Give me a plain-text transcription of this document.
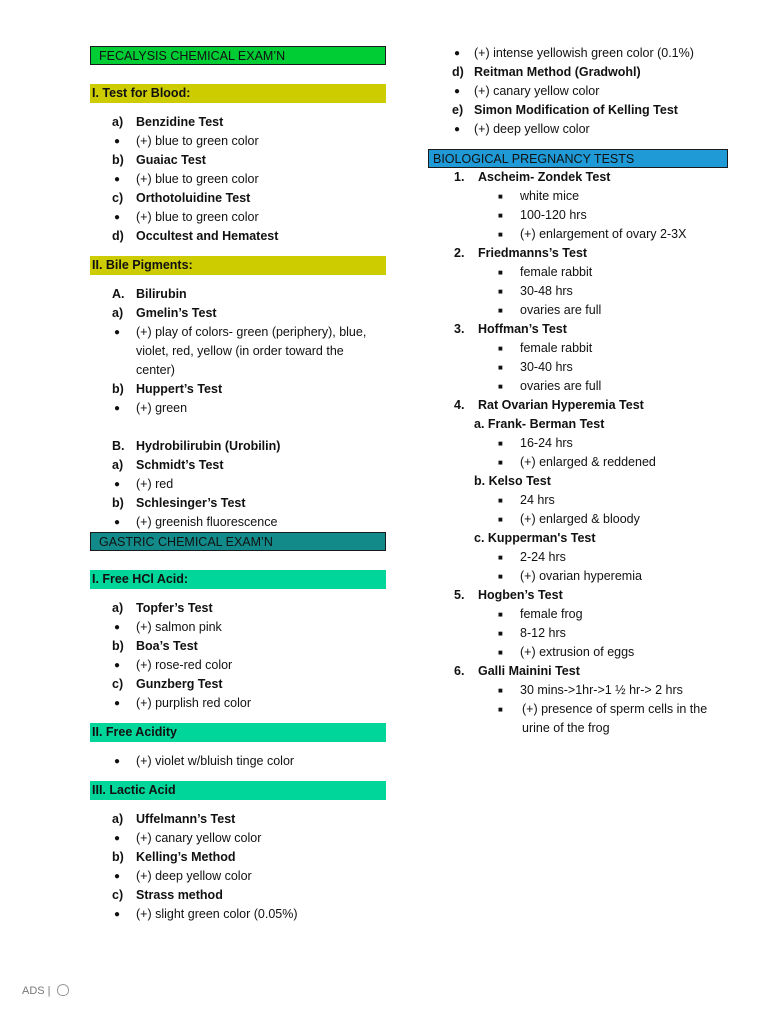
FECALYSIS CHEMICAL EXAM’N
I. Test for Blood:
a) Benzidine Test
● (+) blue to green color
b) Guaiac Test
● (+) blue to green color
c) Orthotoluidine Test
● (+) blue to green color
d) Occultest and Hematest
II. Bile Pigments:
A. Bilirubin
a) Gmelin’s Test
● (+) play of colors- green (periphery), blue, violet, red, yellow (in order toward the center)
b) Huppert’s Test
● (+) green
B. Hydrobilirubin (Urobilin)
a) Schmidt’s Test
● (+) red
b) Schlesinger’s Test
● (+) greenish fluorescence
GASTRIC CHEMICAL EXAM’N
I. Free HCl Acid:
a) Topfer’s Test
● (+) salmon pink
b) Boa’s Test
● (+) rose-red color
c) Gunzberg Test
● (+) purplish red color
II. Free Acidity
● (+) violet w/bluish tinge color
III. Lactic Acid
a) Uffelmann’s Test
● (+) canary yellow color
b) Kelling’s Method
● (+) deep yellow color
c) Strass method
● (+) slight green color (0.05%)
● (+) intense yellowish green color (0.1%)
d) Reitman Method (Gradwohl)
● (+) canary yellow color
e) Simon Modification of Kelling Test
● (+) deep yellow color
BIOLOGICAL PREGNANCY TESTS
1. Ascheim- Zondek Test
■ white mice
■ 100-120 hrs
■ (+) enlargement of ovary 2-3X
2. Friedmanns’s Test
■ female rabbit
■ 30-48 hrs
■ ovaries are full
3. Hoffman’s Test
■ female rabbit
■ 30-40 hrs
■ ovaries are full
4. Rat Ovarian Hyperemia Test
a. Frank- Berman Test
■ 16-24 hrs
■ (+) enlarged & reddened
b. Kelso Test
■ 24 hrs
■ (+) enlarged & bloody
c. Kupperman's Test
■ 2-24 hrs
■ (+) ovarian hyperemia
5. Hogben’s Test
■ female frog
■ 8-12 hrs
■ (+) extrusion of eggs
6. Galli Mainini Test
■ 30 mins->1hr->1 ½ hr-> 2 hrs
■ (+) presence of sperm cells in the urine of the frog
ADS |
